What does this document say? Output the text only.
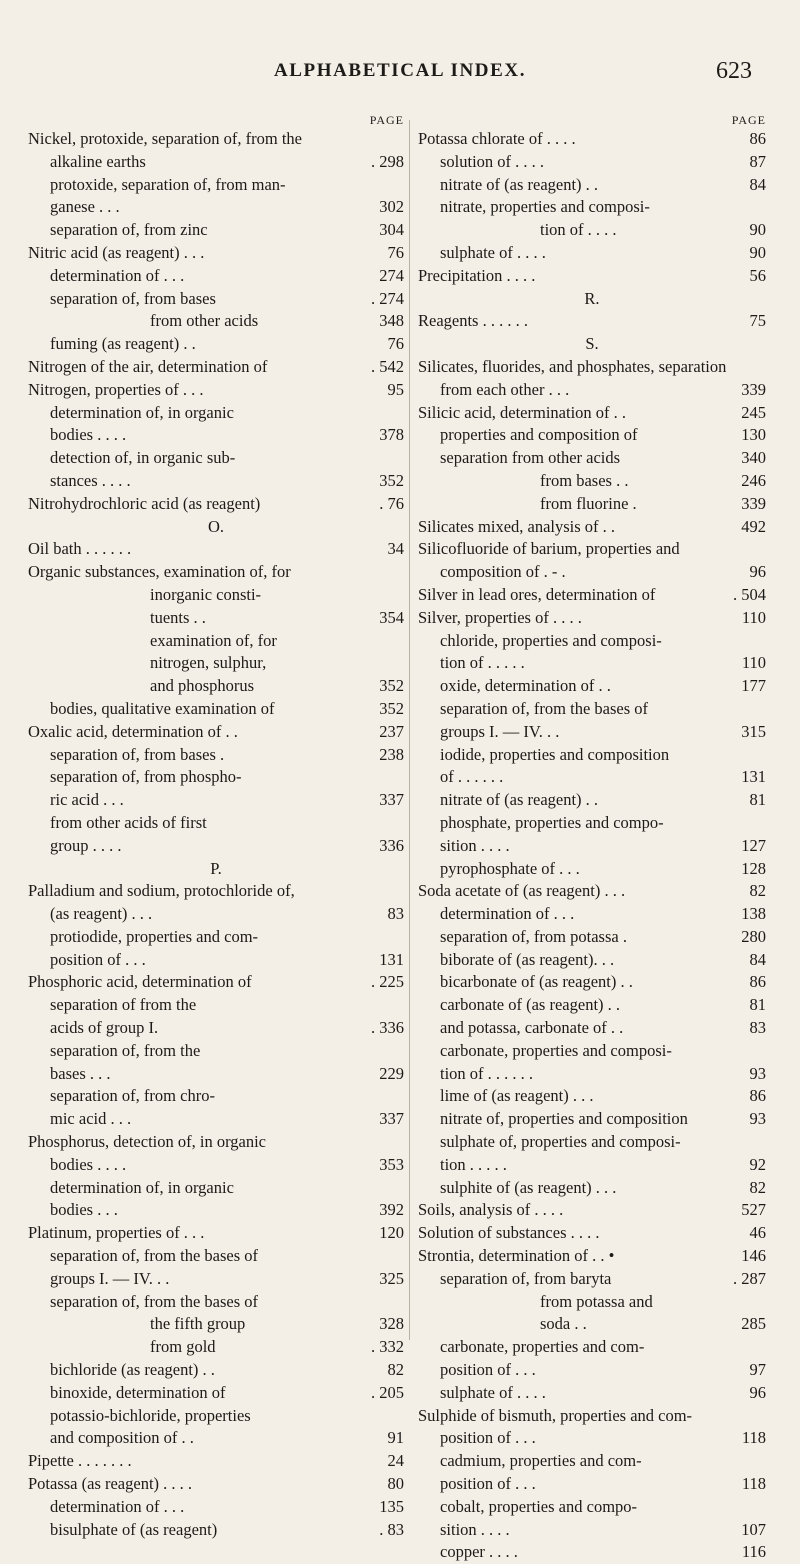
ALPHABETICAL INDEX.	623
PAGE
Nickel, protoxide, separation of, from the
alkaline earths	. 298
protoxide, separation of, from man-
ganese . . .	302
separation of, from zinc	304
Nitric acid (as reagent) . . .	76
determination of . . .	274
separation of, from bases	. 274
from other acids	348
fuming (as reagent) . .	76
Nitrogen of the air, determination of	. 542
Nitrogen, properties of . . .	95
determination of, in organic
bodies . . . .	378
detection of, in organic sub-
stances . . . .	352
Nitrohydrochloric acid (as reagent)	. 76
O.
Oil bath . . . . . .	34
Organic substances, examination of, for
inorganic consti-
tuents . .	354
examination of, for
nitrogen, sulphur,
and phosphorus	352
bodies, qualitative examination of	352
Oxalic acid, determination of . .	237
separation of, from bases .	238
separation of, from phospho-
ric acid . . .	337
from other acids of first
group . . . .	336
P.
Palladium and sodium, protochloride of,
(as reagent) . . .	83
protiodide, properties and com-
position of . . .	131
Phosphoric acid, determination of	. 225
separation of from the
acids of group I.	. 336
separation of, from the
bases . . .	229
separation of, from chro-
mic acid . . .	337
Phosphorus, detection of, in organic
bodies . . . .	353
determination of, in organic
bodies . . .	392
Platinum, properties of . . .	120
separation of, from the bases of
groups I. — IV. . .	325
separation of, from the bases of
the fifth group	328
from gold	. 332
bichloride (as reagent) . .	82
binoxide, determination of	. 205
potassio-bichloride, properties
and composition of . .	91
Pipette . . . . . . .	24
Potassa (as reagent) . . . .	80
determination of . . .	135
bisulphate of (as reagent)	. 83
PAGE
Potassa chlorate of . . . .	86
solution of . . . .	87
nitrate of (as reagent) . .	84
nitrate, properties and composi-
tion of . . . .	90
sulphate of . . . .	90
Precipitation . . . .	56
R.
Reagents . . . . . .	75
S.
Silicates, fluorides, and phosphates, separation
from each other . . .	339
Silicic acid, determination of . .	245
properties and composition of	130
separation from other acids	340
from bases . .	246
from fluorine .	339
Silicates mixed, analysis of . .	492
Silicofluoride of barium, properties and
composition of . - .	96
Silver in lead ores, determination of	. 504
Silver, properties of . . . .	110
chloride, properties and composi-
tion of . . . . .	110
oxide, determination of . .	177
separation of, from the bases of
groups I. — IV. . .	315
iodide, properties and composition
of . . . . . .	131
nitrate of (as reagent) . .	81
phosphate, properties and compo-
sition . . . .	127
pyrophosphate of . . .	128
Soda acetate of (as reagent) . . .	82
determination of . . .	138
separation of, from potassa .	280
biborate of (as reagent). . .	84
bicarbonate of (as reagent) . .	86
carbonate of (as reagent) . .	81
and potassa, carbonate of . .	83
carbonate, properties and composi-
tion of . . . . . .	93
lime of (as reagent) . . .	86
nitrate of, properties and composition	93
sulphate of, properties and composi-
tion . . . . .	92
sulphite of (as reagent) . . .	82
Soils, analysis of . . . .	527
Solution of substances . . . .	46
Strontia, determination of . . •	146
separation of, from baryta	. 287
from potassa and
soda . .	285
carbonate, properties and com-
position of . . .	97
sulphate of . . . .	96
Sulphide of bismuth, properties and com-
position of . . .	118
cadmium, properties and com-
position of . . .	118
cobalt, properties and compo-
sition . . . .	107
copper . . . .	116
